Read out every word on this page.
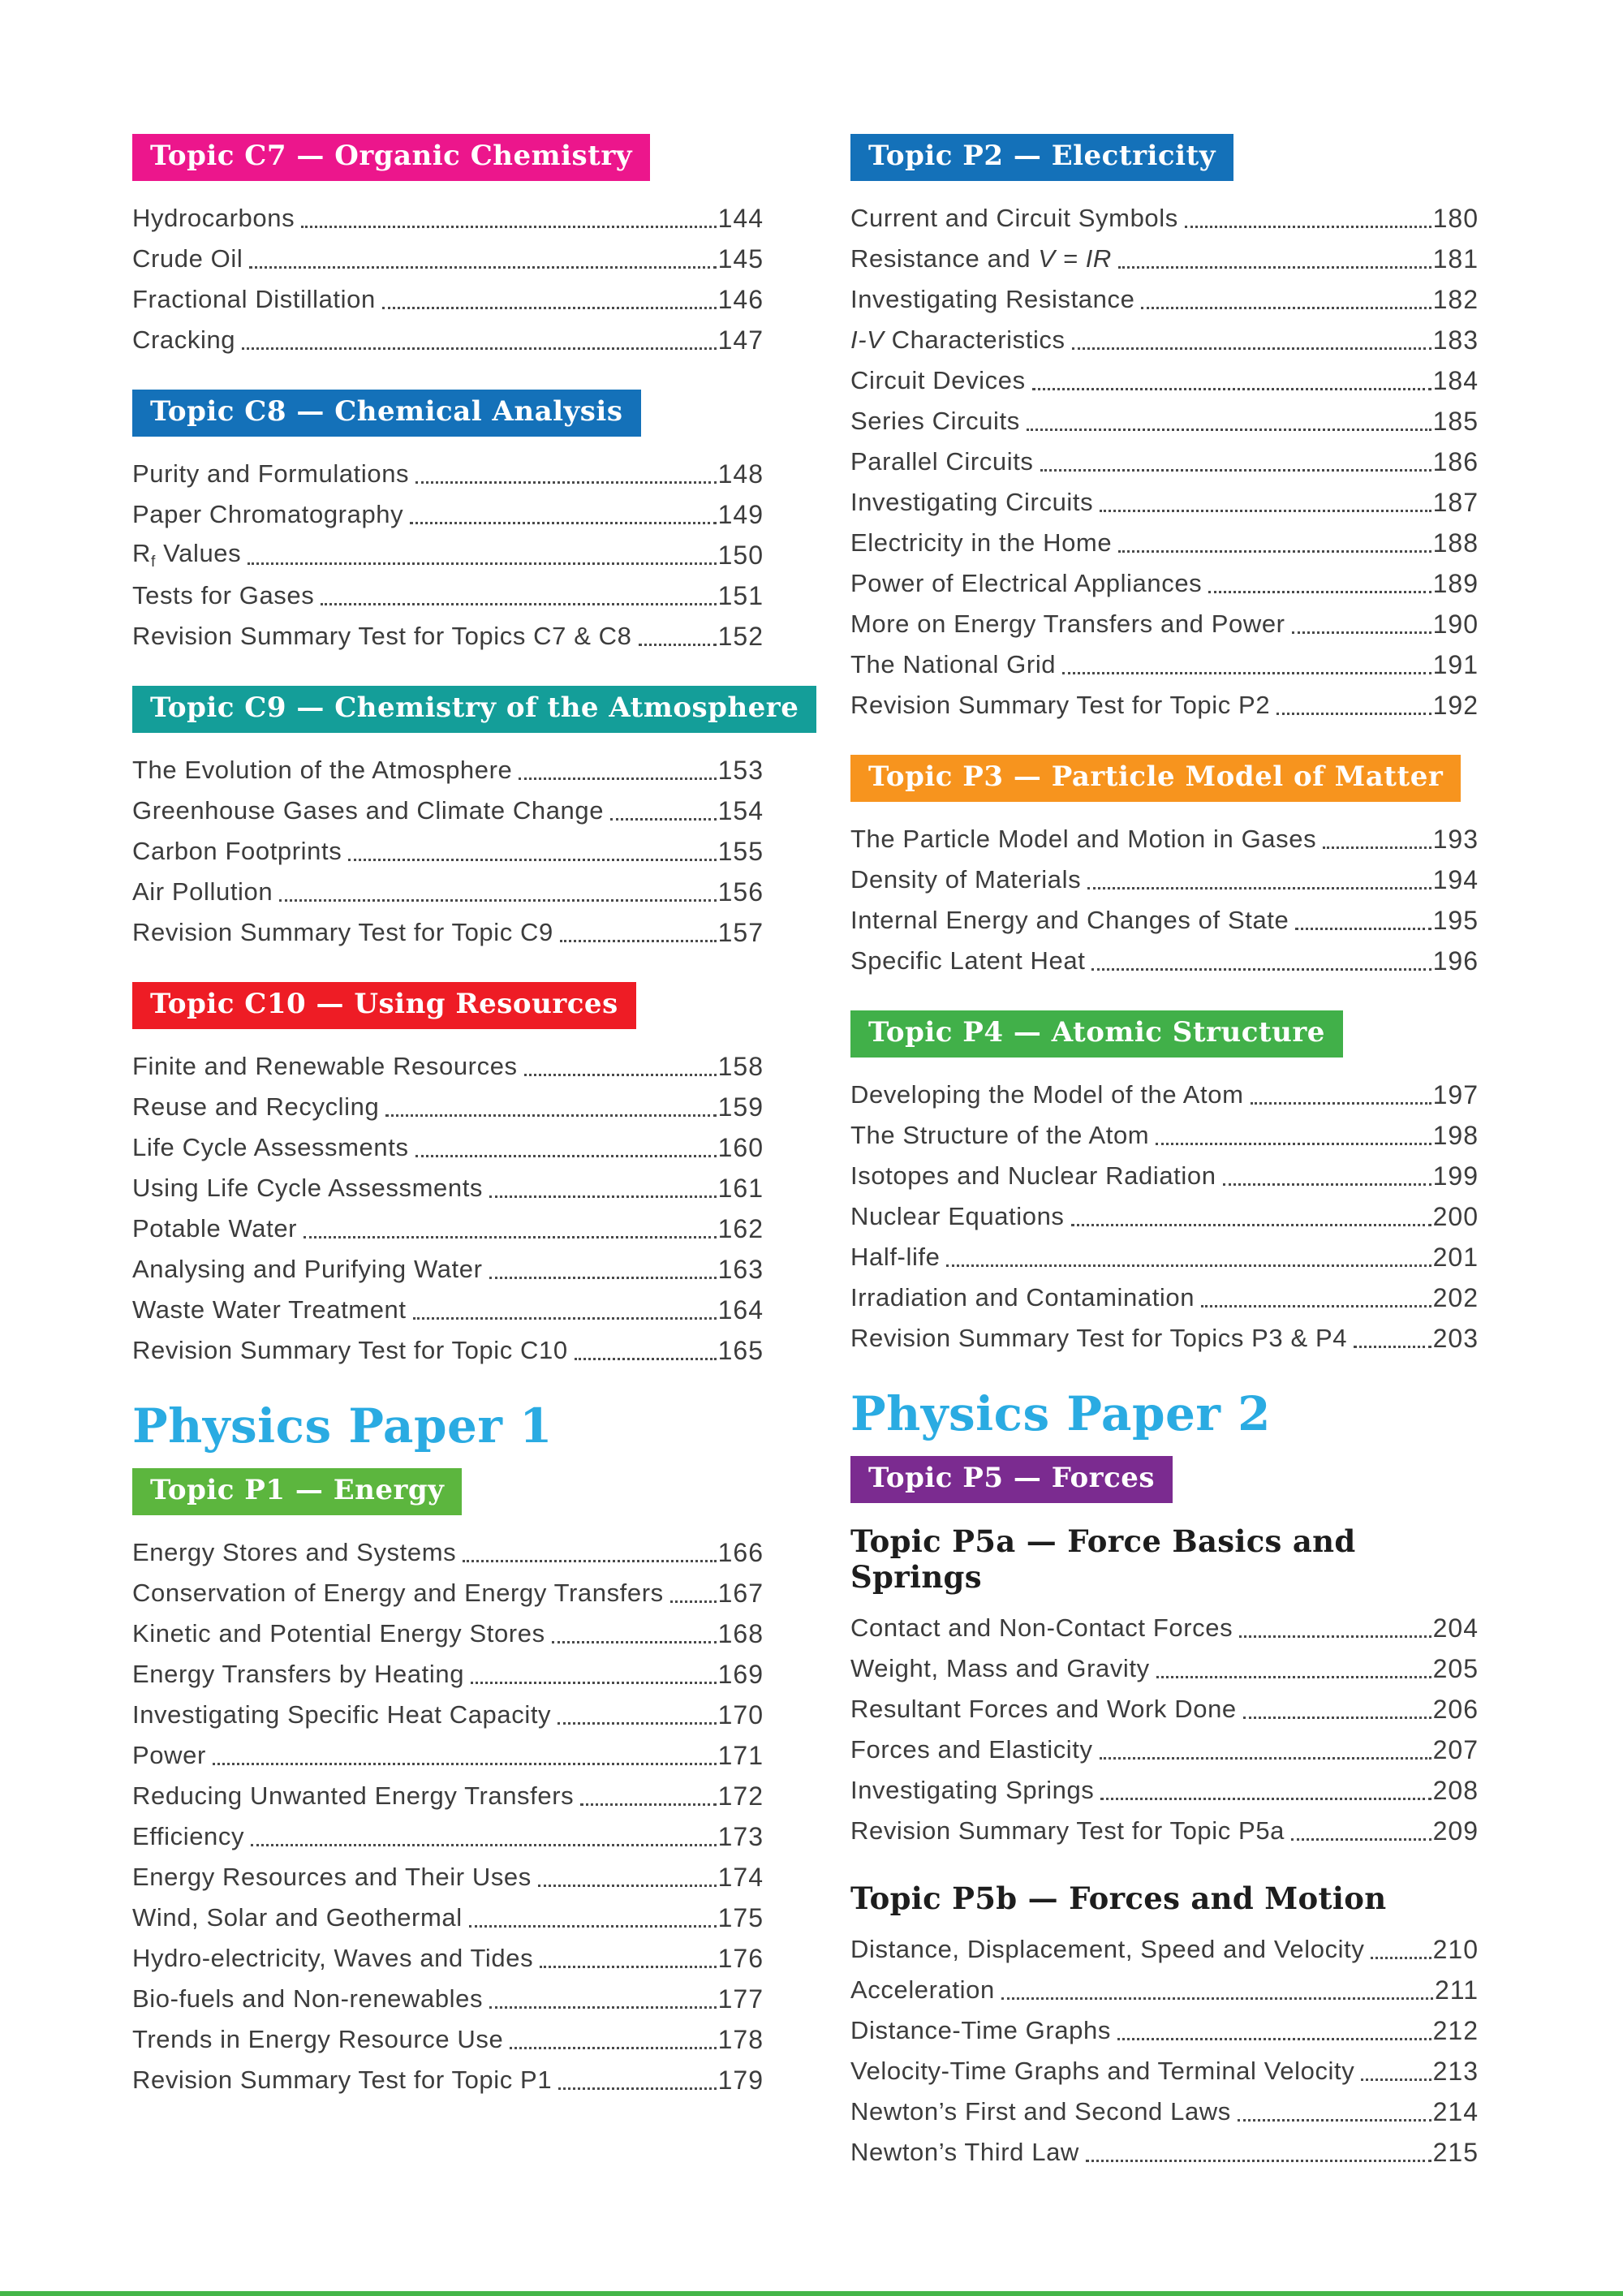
Topic C7 — Organic Chemistry
Hydrocarbons	144
Crude Oil	145
Fractional Distillation	146
Cracking	147
Topic C8 — Chemical Analysis
Purity and Formulations	148
Paper Chromatography	149
$R_f$ Values	150
Tests for Gases	151
Revision Summary Test for Topics C7 & C8	152
Topic C9 — Chemistry of the Atmosphere
The Evolution of the Atmosphere	153
Greenhouse Gases and Climate Change	154
Carbon Footprints	155
Air Pollution	156
Revision Summary Test for Topic C9	157
Topic C10 — Using Resources
Finite and Renewable Resources	158
Reuse and Recycling	159
Life Cycle Assessments	160
Using Life Cycle Assessments	161
Potable Water	162
Analysing and Purifying Water	163
Waste Water Treatment	164
Revision Summary Test for Topic C10	165
Physics Paper 1
Topic P1 — Energy
Energy Stores and Systems	166
Conservation of Energy and Energy Transfers 167
Kinetic and Potential Energy Stores	168
Energy Transfers by Heating	169
Investigating Specific Heat Capacity	170
Power	171
Reducing Unwanted Energy Transfers	172
Efficiency	173
Energy Resources and Their Uses	174
Wind, Solar and Geothermal	175
Hydro-electricity, Waves and Tides	176
Bio-fuels and Non-renewables	177
Trends in Energy Resource Use	178
Revision Summary Test for Topic P1	179
Topic P2 — Electricity
Current and Circuit Symbols	180
Resistance and V = IR	181
Investigating Resistance	182
I-V Characteristics	183
Circuit Devices	184
Series Circuits	185
Parallel Circuits	186
Investigating Circuits	187
Electricity in the Home	188
Power of Electrical Appliances	189
More on Energy Transfers and Power	190
The National Grid	191
Revision Summary Test for Topic P2	192
Topic P3 — Particle Model of Matter
The Particle Model and Motion in Gases	193
Density of Materials	194
Internal Energy and Changes of State	195
Specific Latent Heat	196
Topic P4 — Atomic Structure
Developing the Model of the Atom	197
The Structure of the Atom	198
Isotopes and Nuclear Radiation	199
Nuclear Equations	200
Half-life	201
Irradiation and Contamination	202
Revision Summary Test for Topics P3 & P4	203
Physics Paper 2
Topic P5 — Forces
Topic P5a — Force Basics and Springs
Contact and Non-Contact Forces	204
Weight, Mass and Gravity	205
Resultant Forces and Work Done	206
Forces and Elasticity	207
Investigating Springs	208
Revision Summary Test for Topic P5a	209
Topic P5b — Forces and Motion
Distance, Displacement, Speed and Velocity	210
Acceleration	211
Distance-Time Graphs	212
Velocity-Time Graphs and Terminal Velocity	213
Newton’s First and Second Laws	214
Newton’s Third Law	215
